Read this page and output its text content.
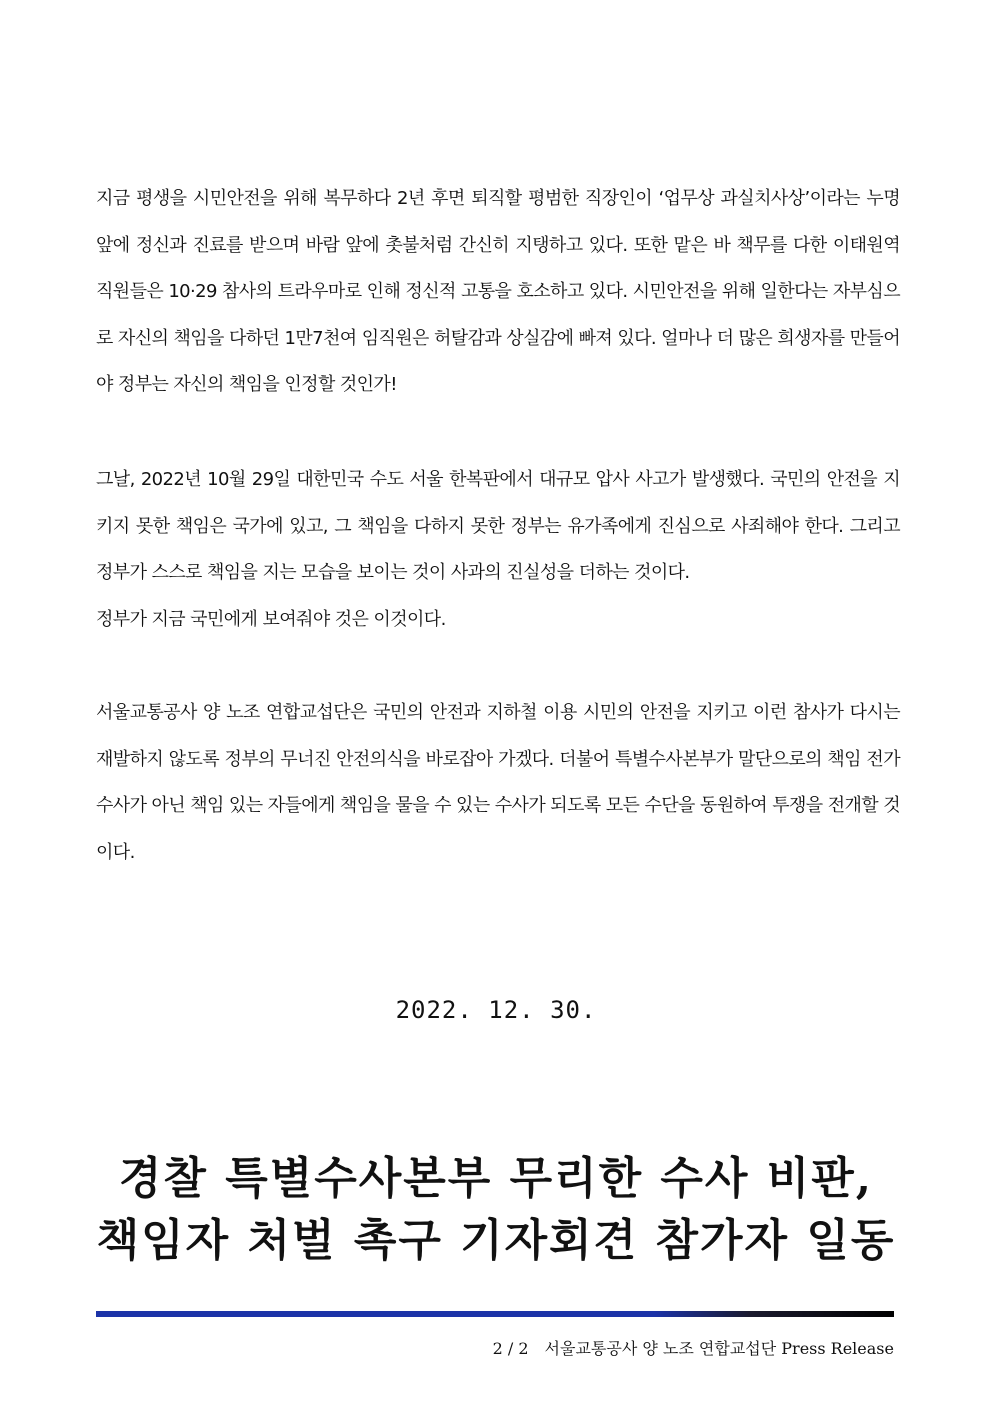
지금 평생을 시민안전을 위해 복무하다 2년 후면 퇴직할 평범한 직장인이 ‘업무상 과실치사상’이라는 누명 앞에 정신과 진료를 받으며 바람 앞에 촛불처럼 간신히 지탱하고 있다. 또한 맡은 바 책무를 다한 이태원역 직원들은 10·29 참사의 트라우마로 인해 정신적 고통을 호소하고 있다. 시민안전을 위해 일한다는 자부심으로 자신의 책임을 다하던 1만7천여 임직원은 허탈감과 상실감에 빠져 있다. 얼마나 더 많은 희생자를 만들어야 정부는 자신의 책임을 인정할 것인가!

그날, 2022년 10월 29일 대한민국 수도 서울 한복판에서 대규모 압사 사고가 발생했다. 국민의 안전을 지키지 못한 책임은 국가에 있고, 그 책임을 다하지 못한 정부는 유가족에게 진심으로 사죄해야 한다. 그리고 정부가 스스로 책임을 지는 모습을 보이는 것이 사과의 진실성을 더하는 것이다.
정부가 지금 국민에게 보여줘야 것은 이것이다.

서울교통공사 양 노조 연합교섭단은 국민의 안전과 지하철 이용 시민의 안전을 지키고 이런 참사가 다시는 재발하지 않도록 정부의 무너진 안전의식을 바로잡아 가겠다. 더불어 특별수사본부가 말단으로의 책임 전가 수사가 아닌 책임 있는 자들에게 책임을 물을 수 있는 수사가 되도록 모든 수단을 동원하여 투쟁을 전개할 것이다.

2022. 12. 30.
경찰 특별수사본부 무리한 수사 비판,
책임자 처벌 촉구 기자회견 참가자 일동
2 / 2 서울교통공사 양 노조 연합교섭단 Press Release
